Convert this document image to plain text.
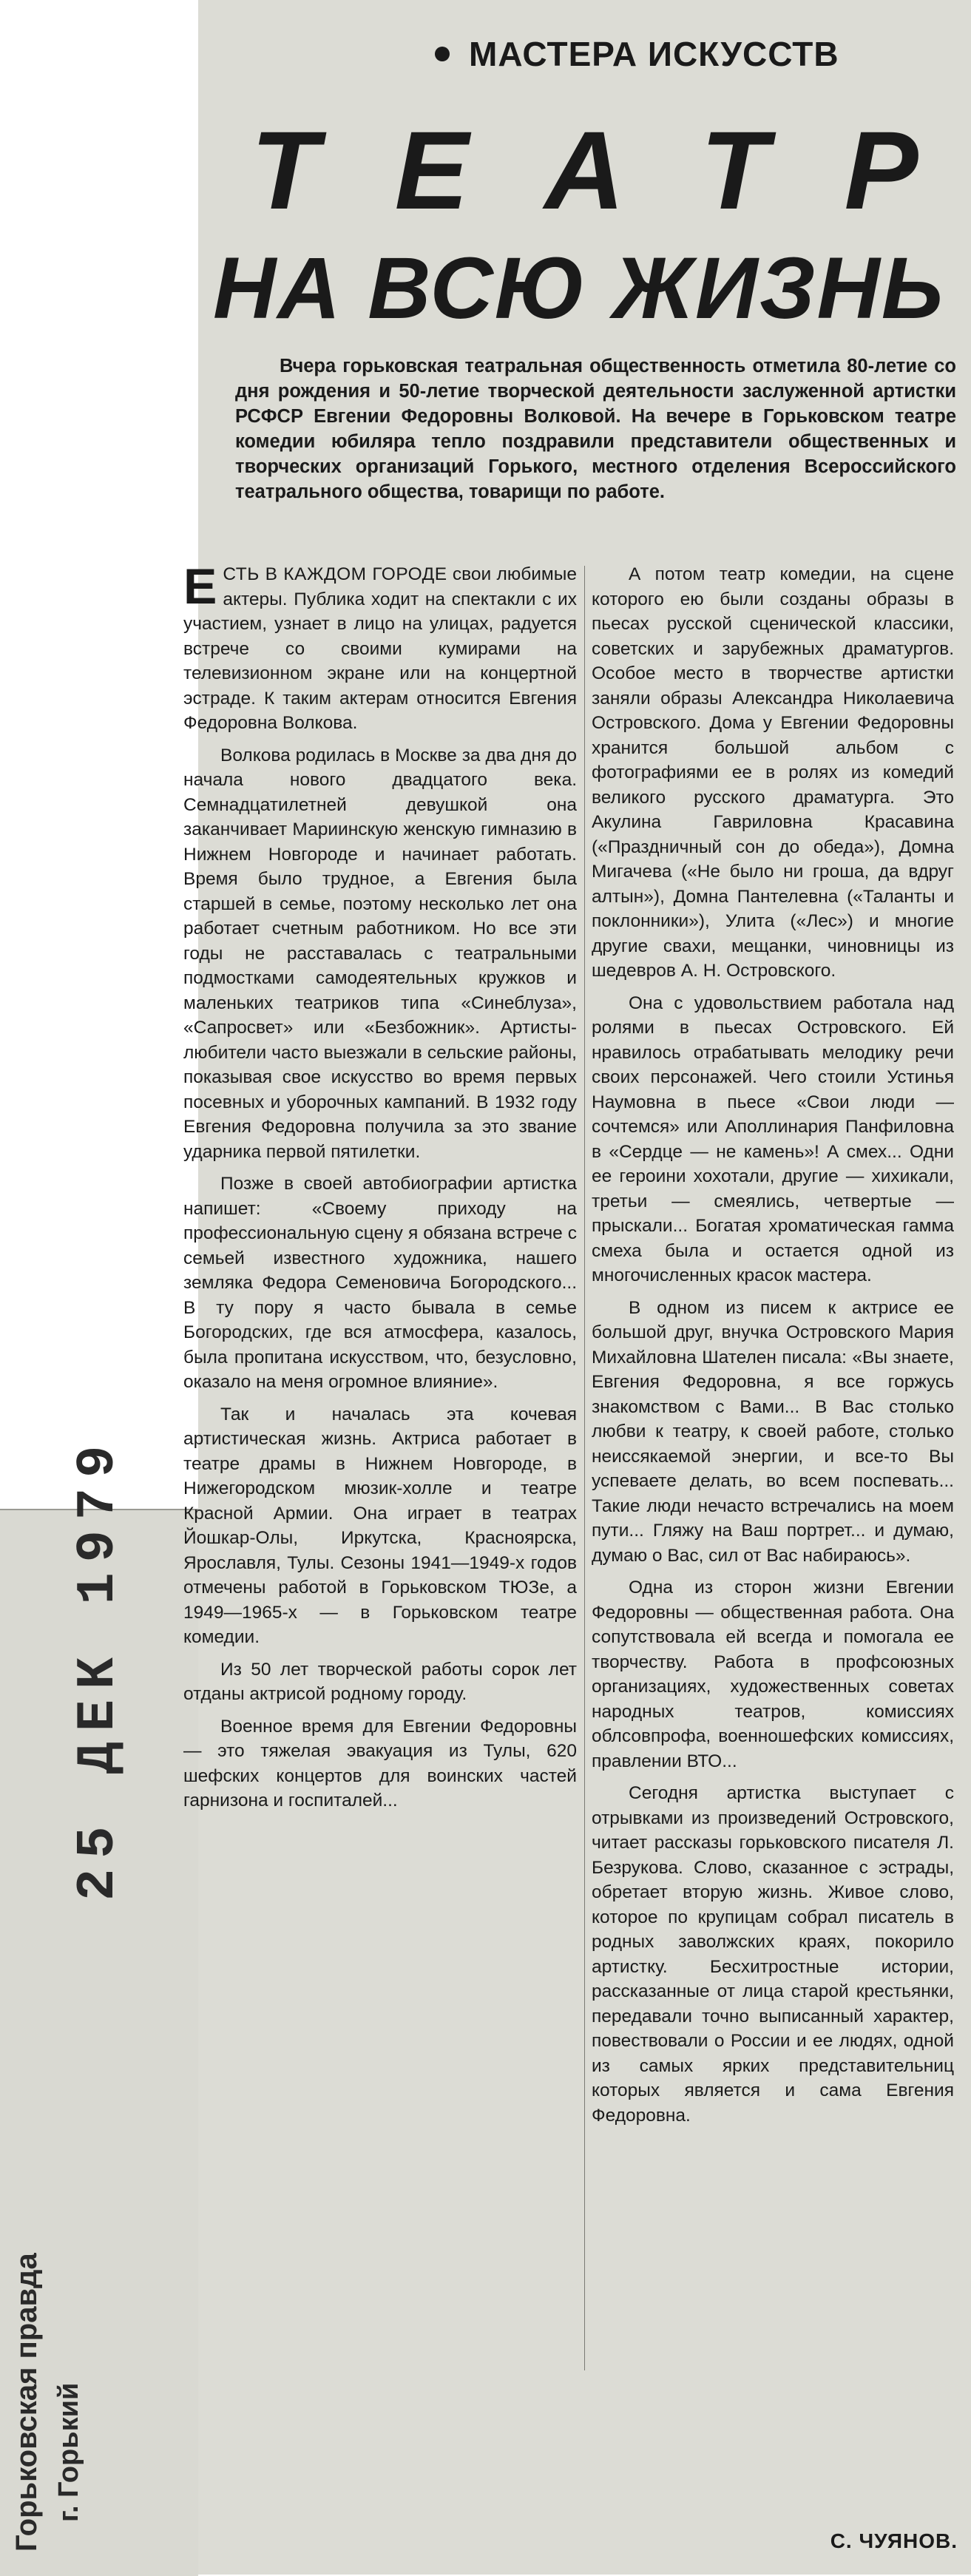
МАСТЕРА ИСКУССТВ
Т Е А Т Р
НА ВСЮ ЖИЗНЬ
Вчера горьковская театральная общественность отметила 80-летие со дня рождения и 50-летие творческой деятельности заслуженной артистки РСФСР Евгении Федоровны Волковой. На вечере в Горьковском театре комедии юбиляра тепло поздравили представители общественных и творческих организаций Горького, местного отделения Всероссийского театрального общества, товарищи по работе.

ЕСТЬ В КАЖДОМ ГОРОДЕ свои любимые актеры. Публика ходит на спектакли с их участием, узнает в лицо на улицах, радуется встрече со своими кумирами на телевизионном экране или на концертной эстраде. К таким актерам относится Евгения Федоровна Волкова.

Волкова родилась в Москве за два дня до начала нового двадцатого века. Семнадцатилетней девушкой она заканчивает Мариинскую женскую гимназию в Нижнем Новгороде и начинает работать. Время было трудное, а Евгения была старшей в семье, поэтому несколько лет она работает счетным работником. Но все эти годы не расставалась с театральными подмостками самодеятельных кружков и маленьких театриков типа «Синеблуза», «Сапросвет» или «Безбожник». Артисты-любители часто выезжали в сельские районы, показывая свое искусство во время первых посевных и уборочных кампаний. В 1932 году Евгения Федоровна получила за это звание ударника первой пятилетки.

Позже в своей автобиографии артистка напишет: «Своему приходу на профессиональную сцену я обязана встрече с семьей известного художника, нашего земляка Федора Семеновича Богородского... В ту пору я часто бывала в семье Богородских, где вся атмосфера, казалось, была пропитана искусством, что, безусловно, оказало на меня огромное влияние».

Так и началась эта кочевая артистическая жизнь. Актриса работает в театре драмы в Нижнем Новгороде, в Нижегородском мюзик-холле и театре Красной Армии. Она играет в театрах Йошкар-Олы, Иркутска, Красноярска, Ярославля, Тулы. Сезоны 1941—1949-х годов отмечены работой в Горьковском ТЮЗе, а 1949—1965-х — в Горьковском театре комедии.

Из 50 лет творческой работы сорок лет отданы актрисой родному городу.

Военное время для Евгении Федоровны — это тяжелая эвакуация из Тулы, 620 шефских концертов для воинских частей гарнизона и госпиталей...

А потом театр комедии, на сцене которого ею были созданы образы в пьесах русской сценической классики, советских и зарубежных драматургов. Особое место в творчестве артистки заняли образы Александра Николаевича Островского. Дома у Евгении Федоровны хранится большой альбом с фотографиями ее в ролях из комедий великого русского драматурга. Это Акулина Гавриловна Красавина («Праздничный сон до обеда»), Домна Мигачева («Не было ни гроша, да вдруг алтын»), Домна Пантелевна («Таланты и поклонники»), Улита («Лес») и многие другие свахи, мещанки, чиновницы из шедевров А. Н. Островского.

Она с удовольствием работала над ролями в пьесах Островского. Ей нравилось отрабатывать мелодику речи своих персонажей. Чего стоили Устинья Наумовна в пьесе «Свои люди — сочтемся» или Аполлинария Панфиловна в «Сердце — не камень»! А смех... Одни ее героини хохотали, другие — хихикали, третьи — смеялись, четвертые — прыскали... Богатая хроматическая гамма смеха была и остается одной из многочисленных красок мастера.

В одном из писем к актрисе ее большой друг, внучка Островского Мария Михайловна Шателен писала: «Вы знаете, Евгения Федоровна, я все горжусь знакомством с Вами... В Вас столько любви к театру, к своей работе, столько неиссякаемой энергии, и все-то Вы успеваете делать, во всем поспевать... Такие люди нечасто встречались на моем пути... Гляжу на Ваш портрет... и думаю, думаю о Вас, сил от Вас набираюсь».

Одна из сторон жизни Евгении Федоровны — общественная работа. Она сопутствовала ей всегда и помогала ее творчеству. Работа в профсоюзных организациях, художественных советах народных театров, комиссиях облсовпрофа, военношефских комиссиях, правлении ВТО...

Сегодня артистка выступает с отрывками из произведений Островского, читает рассказы горьковского писателя Л. Безрукова. Слово, сказанное с эстрады, обретает вторую жизнь. Живое слово, которое по крупицам собрал писатель в родных заволжских краях, покорило артистку. Бесхитростные истории, рассказанные от лица старой крестьянки, передавали точно выписанный характер, повествовали о России и ее людях, одной из самых ярких представительниц которых является и сама Евгения Федоровна.

С. ЧУЯНОВ.
25 ДЕК 1979
Горьковская правда г. Горький
